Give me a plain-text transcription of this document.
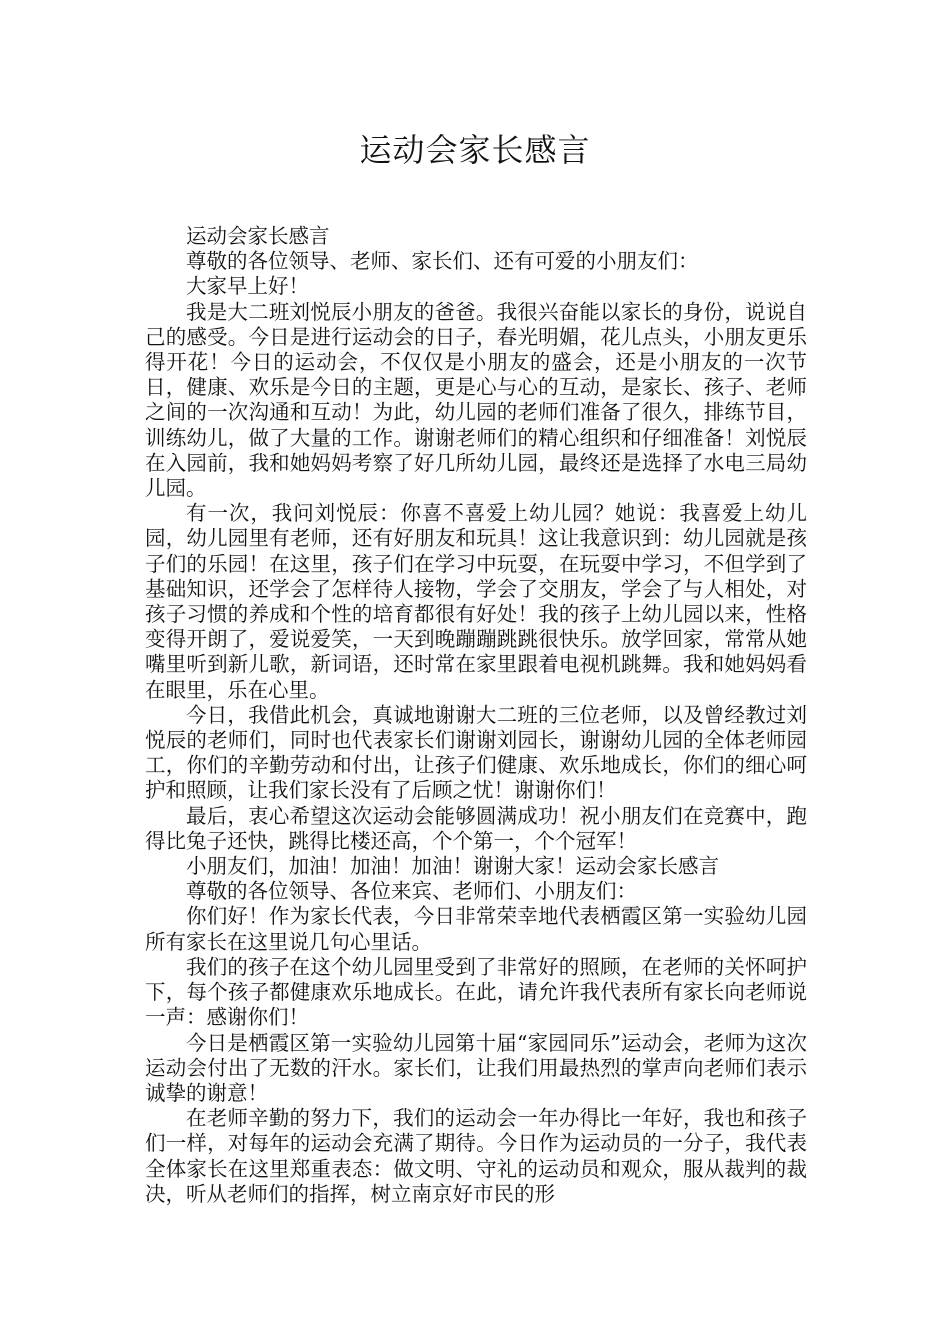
运动会家长感言

运动会家长感言

尊敬的各位领导、老师、家长们、还有可爱的小朋友们：

大家早上好！

我是大二班刘悦辰小朋友的爸爸。我很兴奋能以家长的身份，说说自己的感受。今日是进行运动会的日子，春光明媚，花儿点头，小朋友更乐得开花！今日的运动会，不仅仅是小朋友的盛会，还是小朋友的一次节日，健康、欢乐是今日的主题，更是心与心的互动，是家长、孩子、老师之间的一次沟通和互动！为此，幼儿园的老师们准备了很久，排练节目，训练幼儿，做了大量的工作。谢谢老师们的精心组织和仔细准备！刘悦辰在入园前，我和她妈妈考察了好几所幼儿园，最终还是选择了水电三局幼儿园。

有一次，我问刘悦辰：你喜不喜爱上幼儿园？她说：我喜爱上幼儿园，幼儿园里有老师，还有好朋友和玩具！这让我意识到：幼儿园就是孩子们的乐园！在这里，孩子们在学习中玩耍，在玩耍中学习，不但学到了基础知识，还学会了怎样待人接物，学会了交朋友，学会了与人相处，对孩子习惯的养成和个性的培育都很有好处！我的孩子上幼儿园以来，性格变得开朗了，爱说爱笑，一天到晚蹦蹦跳跳很快乐。放学回家，常常从她嘴里听到新儿歌，新词语，还时常在家里跟着电视机跳舞。我和她妈妈看在眼里，乐在心里。

今日，我借此机会，真诚地谢谢大二班的三位老师，以及曾经教过刘悦辰的老师们，同时也代表家长们谢谢刘园长，谢谢幼儿园的全体老师园工，你们的辛勤劳动和付出，让孩子们健康、欢乐地成长，你们的细心呵护和照顾，让我们家长没有了后顾之忧！谢谢你们！

最后，衷心希望这次运动会能够圆满成功！祝小朋友们在竞赛中，跑得比兔子还快，跳得比楼还高，个个第一，个个冠军！

小朋友们，加油！加油！加油！谢谢大家！运动会家长感言

尊敬的各位领导、各位来宾、老师们、小朋友们：

你们好！作为家长代表，今日非常荣幸地代表栖霞区第一实验幼儿园所有家长在这里说几句心里话。

我们的孩子在这个幼儿园里受到了非常好的照顾，在老师的关怀呵护下，每个孩子都健康欢乐地成长。在此，请允许我代表所有家长向老师说一声：感谢你们！

今日是栖霞区第一实验幼儿园第十届“家园同乐”运动会，老师为这次运动会付出了无数的汗水。家长们，让我们用最热烈的掌声向老师们表示诚挚的谢意！

在老师辛勤的努力下，我们的运动会一年办得比一年好，我也和孩子们一样，对每年的运动会充满了期待。今日作为运动员的一分子，我代表全体家长在这里郑重表态：做文明、守礼的运动员和观众，服从裁判的裁决，听从老师们的指挥，树立南京好市民的形
